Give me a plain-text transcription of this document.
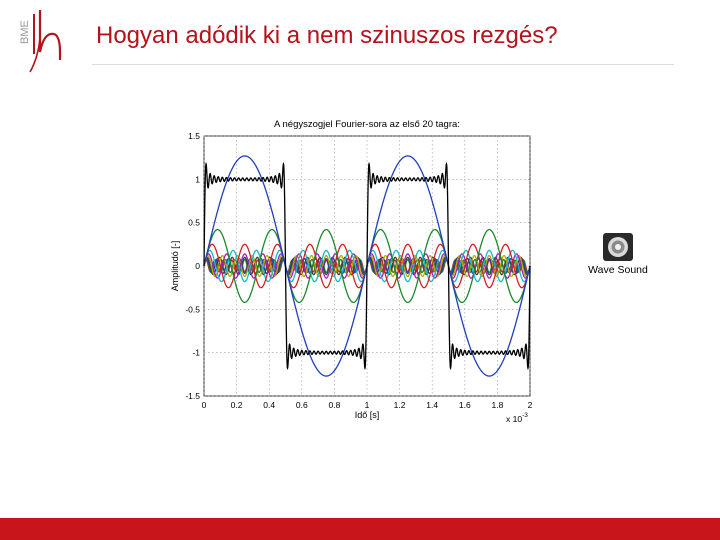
BME	Hogyan adódik ki a nem szinuszos rezgés?
A négyszogjel Fourier-sora az első 20 tagra:
0	0.2 0.4 0.6 0.8	1	1.2 1.4 1.6 1.8	2
1.5
1
0.5
0
-0.5
-1
-1.5
Idő [s]
Amplitudó [-]
x $10^{-3}$
Wave Sound
